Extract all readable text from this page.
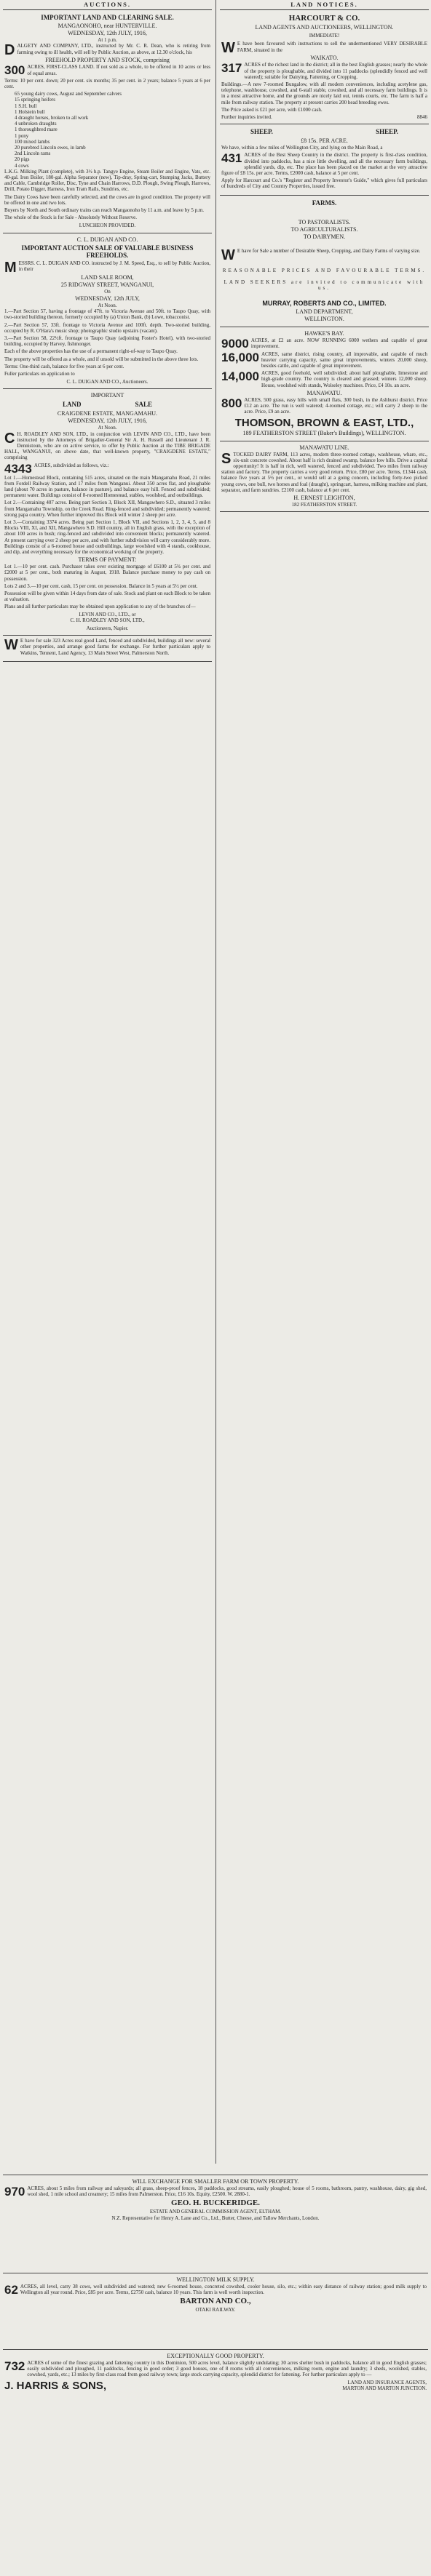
AUCTIONS.
IMPORTANT LAND AND CLEARING SALE.
MANGAONOHO, near HUNTERVILLE.
WEDNESDAY, 12th JULY, 1916,
At 1 p.m.

DALGETY AND COMPANY, LTD., instructed by Mr. C. R. Dean, who is retiring from farming owing to ill health, will sell by Public Auction, as above, at 12.30 o'clock, his

FREEHOLD PROPERTY AND STOCK, comprising

300 ACRES, FIRST-CLASS LAND. If not sold as a whole, to be offered in 10 acres or less of equal areas.

Terms: 10 per cent. down; 20 per cent. six months; 35 per cent. in 2 years; balance 5 years at 6 per cent.

65 young dairy cows, August and September calvers
15 springing heifers
1 S.H. bull
1 Holstein bull
4 draught horses, broken to all work
4 unbroken draughts
1 thoroughbred mare
1 pony
100 mixed lambs
20 purebred Lincoln ewes, in lamb
2nd Lincoln rams
20 pigs
4 cows

L.K.G. Milking Plant (complete), with 3½ h.p. Tangye Engine, Steam Boiler and Engine, Vats, etc. 40-gal. Iron Boiler, 180-gal. Alpha Separator (new), Tip-dray, Spring-cart, Stumping Jacks, Buttery and Cable, Cambridge Roller, Disc, Tyne and Chain Harrows, D.D. Plough, Swing Plough, Harrows, Drill, Potato Digger, Harness, Iron Tram Rails, Sundries, etc.

The Dairy Cows have been carefully selected, and the cows are in good condition. The property will be offered in one and two lots.

Buyers by North and South ordinary trains can reach Mangaonoho by 11 a.m. and leave by 5 p.m.

The whole of the Stock is for Sale - Absolutely Without Reserve.

LUNCHEON PROVIDED.
C. L. DUIGAN AND CO.
IMPORTANT AUCTION SALE OF VALUABLE BUSINESS FREEHOLDS.

MESSRS. C. L. DUIGAN AND CO. instructed by J. M. Speed, Esq., to sell by Public Auction, in their

LAND SALE ROOM,
25 RIDGWAY STREET, WANGANUI,
On
WEDNESDAY, 12th JULY,
At Noon.

1.—Part Section 57, having a frontage of 47ft. to Victoria Avenue and 50ft. to Taupo Quay, with two-storied building thereon, formerly occupied by (a) Union Bank, (b) Lowe, tobacconist.

2.—Part Section 57, 33ft. frontage to Victoria Avenue and 100ft. depth. Two-storied building, occupied by R. O'Hara's music shop; photographic studio upstairs (vacant).

3.—Part Section 58, 22½ft. frontage to Taupo Quay (adjoining Foster's Hotel), with two-storied building, occupied by Harvey, fishmonger.

Each of the above properties has the use of a permanent right-of-way to Taupo Quay.

The property will be offered as a whole, and if unsold will be submitted in the above three lots.

Terms: One-third cash, balance for five years at 6 per cent.

Fuller particulars on application to

C. L. DUIGAN AND CO., Auctioneers.
IMPORTANT
LAND	SALE
CRAIGDENE ESTATE, MANGAMAHU.
WEDNESDAY, 12th JULY, 1916,
At Noon.

C H. ROADLEY AND SON, LTD., in conjunction with LEVIN AND CO., LTD., have been instructed by the Attorneys of Brigadier-General Sir A. H. Russell and Lieutenant J. R. Dennistoun, who are on active service, to offer by Public Auction at the TIBE BRIGADE HALL, WANGANUI, on above date, that well-known property, "CRAIGDENE ESTATE," comprising

4343 ACRES, subdivided as follows, viz.:

Lot 1.—Homestead Block, containing 515 acres, situated on the main Mangamahu Road, 21 miles from Fordell Railway Station, and 17 miles from Wanganui. About 350 acres flat, and ploughable land (about 70 acres in pasture, balance in pasture), and balance easy hill. Fenced and subdivided; permanent water. Buildings consist of 8-roomed Homestead, stables, woolshed, and outbuildings.

Lot 2.—Containing 407 acres. Being part Section 3, Block XII, Mangawhero S.D., situated 3 miles from Mangamahu Township, on the Creek Road. Ring-fenced and subdivided; permanently watered; strong papa country. When further improved this Block will winter 2 sheep per acre.

Lot 3.—Containing 3374 acres. Being part Section 1, Block VII, and Sections 1, 2, 3, 4, 5, and 8 Blocks VIII, XI, and XII, Mangawhero S.D. Hill country, all in English grass, with the exception of about 100 acres in bush; ring-fenced and subdivided into convenient blocks; permanently watered. At present carrying over 2 sheep per acre, and with further subdivision will carry considerably more. Buildings consist of a 6-roomed house and outbuildings, large woolshed with 4 stands, cookhouse, and dip, and everything necessary for the economical working of the property.

TERMS OF PAYMENT:

Lot 1.—10 per cent. cash. Purchaser takes over existing mortgage of £6100 at 5¾ per cent. and £2000 at 5 per cent., both maturing in August, 1918. Balance purchase money to pay cash on possession.

Lots 2 and 3.—10 per cent. cash, 15 per cent. on possession. Balance in 5 years at 5½ per cent.

Possession will be given within 14 days from date of sale. Stock and plant on each Block to be taken at valuation.

Plans and all further particulars may be obtained upon application to any of the branches of—

LEVIN AND CO., LTD., or
C. H. ROADLEY AND SON, LTD.,
Auctioneers, Napier.

W E have for sale 323 Acres real good Land, fenced and subdivided, buildings all new: several other properties, and arrange good farms for exchange. For further particulars apply to Watkins, Tennent, Land Agency, 13 Main Street West, Palmerston North.

LAND NOTICES.
HARCOURT & CO.
LAND AGENTS AND AUCTIONEERS, WELLINGTON.
IMMEDIATE!

W E have been favoured with instructions to sell the undermentioned VERY DESIRABLE FARM, situated in the

WAIKATO.

317 ACRES of the richest land in the district; all in the best English grasses; nearly the whole of the property is ploughable, and divided into 11 paddocks (splendidly fenced and well watered); suitable for Dairying, Fattening, or Cropping.

Buildings.—A new 7-roomed Bungalow, with all modern conveniences, including acetylene gas, telephone, washhouse, cowshed, and 6-stall stable, cowshed, and all necessary farm buildings. It is in a most attractive home, and the grounds are nicely laid out, tennis courts, etc. The farm is half a mile from railway station. The property at present carries 200 head breeding ewes.

The Price asked is £21 per acre, with £1000 cash.

Further inquiries invited.	8846
SHEEP.	SHEEP.
£8 15s. PER ACRE.

We have, within a few miles of Wellington City, and lying on the Main Road, a

431 ACRES of the Best Sheep Country in the district. The property is first-class condition, divided into paddocks, has a nice little dwelling, and all the necessary farm buildings, splendid yards, dip, etc. The place has been placed on the market at the very attractive figure of £8 15s. per acre. Terms, £2000 cash, balance at 5 per cent.

Apply for Harcourt and Co.'s "Register and Property Investor's Guide," which gives full particulars of hundreds of City and Country Properties, issued free.

FARMS.
TO PASTORALISTS.
TO AGRICULTURALISTS.
TO DAIRYMEN.

W E have for Sale a number of Desirable Sheep, Cropping, and Dairy Farms of varying size.

REASONABLE PRICES AND FAVOURABLE TERMS.
LAND SEEKERS are invited to communicate with us.
MURRAY, ROBERTS AND CO., LIMITED.
LAND DEPARTMENT,
WELLINGTON.
HAWKE'S BAY.

9000 ACRES, at £2 an acre. NOW RUNNING 6000 wethers and capable of great improvement.

16,000 ACRES, same district, rising country, all improvable, and capable of much heavier carrying capacity, same great improvements, winters 20,000 sheep, besides cattle, and capable of great improvement.

14,000 ACRES, good freehold, well subdivided; about half ploughable, limestone and high-grade country. The country is cleared and grassed; winters 12,000 sheep. House, woolshed with stands, Wolseley machines. Price, £4 10s. an acre.

MANAWATU.

800 ACRES, 500 grass, easy hills with small flats, 300 bush, in the Ashhurst district. Price £12 an acre. The run is well watered; 4-roomed cottage, etc.; will carry 2 sheep to the acre. Price, £9 an acre.

THOMSON, BROWN & EAST, LTD.,
189 FEATHERSTON STREET (Baker's Buildings), WELLINGTON.
MANAWATU LINE.

STOCKED DAIRY FARM, 113 acres, modern three-roomed cottage, washhouse, whare, etc., six-unit concrete cowshed. About half is rich drained swamp, balance low hills. Drive a capital opportunity! It is half in rich, well watered, fenced and subdivided. Two miles from railway station and factory. The property carries a very good return. Price, £80 per acre. Terms, £1344 cash, balance five years at 5½ per cent., or would sell at a going concern, including forty-two picked young cows, one bull, two horses and foal (draught), springcart, harness, milking machine and plant, separator, and farm sundries. £2100 cash, balance at 6 per cent.

H. ERNEST LEIGHTON,
182 FEATHERSTON STREET.
WILL EXCHANGE FOR SMALLER FARM OR TOWN PROPERTY.

970 ACRES, about 5 miles from railway and saleyards; all grass, sheep-proof fences, 18 paddocks, good streams, easily ploughed; house of 5 rooms, bathroom, pantry, washhouse, dairy, gig shed, wool shed, 1 mile school and creamery; 15 miles from Palmerston. Price, £16 10s. Equity, £2500. W. 2880-1.

GEO. H. BUCKERIDGE.
ESTATE AND GENERAL COMMISSION AGENT, ELTHAM.
N.Z. Representative for Henry A. Lane and Co., Ltd., Butter, Cheese, and Tallow Merchants, London.
WELLINGTON MILK SUPPLY.

62 ACRES, all level, carry 38 cows, well subdivided and watered; new 6-roomed house, concreted cowshed, cooler house, silo, etc.; within easy distance of railway station; good milk supply to Wellington all year round. Price, £85 per acre. Terms, £2750 cash, balance 10 years. This farm is well worth inspection.

BARTON AND CO.,
OTAKI RAILWAY.
EXCEPTIONALLY GOOD PROPERTY.

732 ACRES of some of the finest grazing and fattening country in this Dominion, 500 acres level, balance slightly undulating; 30 acres shelter bush in paddocks, balance all in good English grasses; easily subdivided and ploughed, 11 paddocks, fencing in good order; 3 good houses, one of 8 rooms with all conveniences, milking room, engine and laundry; 3 sheds, woolshed, stables, cowshed, yards, etc.; 13 miles by first-class road from good railway town; large stock carrying capacity, splendid district for fattening. For further particulars apply to —

J. HARRIS & SONS,	LAND AND INSURANCE AGENTS,
MARTON AND MARTON JUNCTION.
